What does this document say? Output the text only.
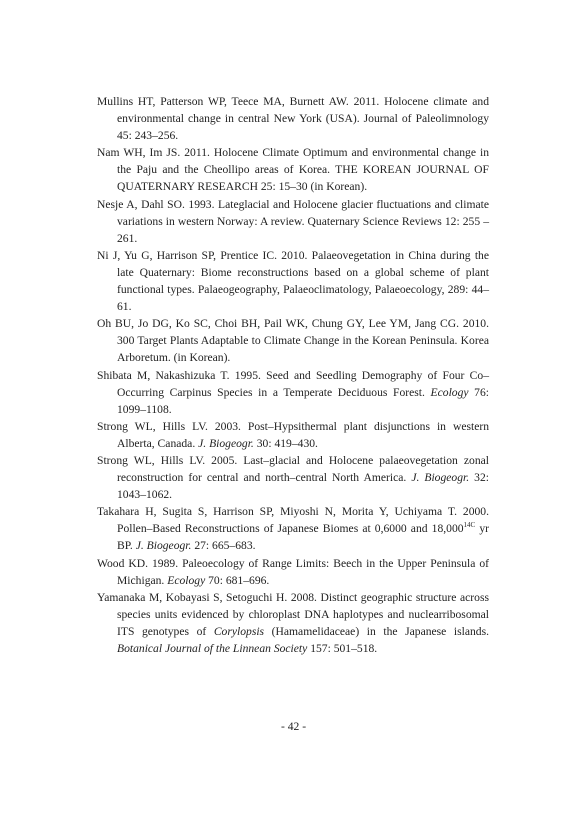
Mullins HT, Patterson WP, Teece MA, Burnett AW. 2011. Holocene climate and environmental change in central New York (USA). Journal of Paleolimnology 45: 243–256.
Nam WH, Im JS. 2011. Holocene Climate Optimum and environmental change in the Paju and the Cheollipo areas of Korea. THE KOREAN JOURNAL OF QUATERNARY RESEARCH 25: 15–30 (in Korean).
Nesje A, Dahl SO. 1993. Lateglacial and Holocene glacier fluctuations and climate variations in western Norway: A review. Quaternary Science Reviews 12: 255 – 261.
Ni J, Yu G, Harrison SP, Prentice IC. 2010. Palaeovegetation in China during the late Quaternary: Biome reconstructions based on a global scheme of plant functional types. Palaeogeography, Palaeoclimatology, Palaeoecology, 289: 44–61.
Oh BU, Jo DG, Ko SC, Choi BH, Pail WK, Chung GY, Lee YM, Jang CG. 2010. 300 Target Plants Adaptable to Climate Change in the Korean Peninsula. Korea Arboretum. (in Korean).
Shibata M, Nakashizuka T. 1995. Seed and Seedling Demography of Four Co–Occurring Carpinus Species in a Temperate Deciduous Forest. Ecology 76: 1099–1108.
Strong WL, Hills LV. 2003. Post–Hypsithermal plant disjunctions in western Alberta, Canada. J. Biogeogr. 30: 419–430.
Strong WL, Hills LV. 2005. Last–glacial and Holocene palaeovegetation zonal reconstruction for central and north–central North America. J. Biogeogr. 32: 1043–1062.
Takahara H, Sugita S, Harrison SP, Miyoshi N, Morita Y, Uchiyama T. 2000. Pollen–Based Reconstructions of Japanese Biomes at 0,6000 and $18,000^{14C}$ yr BP. J. Biogeogr. 27: 665–683.
Wood KD. 1989. Paleoecology of Range Limits: Beech in the Upper Peninsula of Michigan. Ecology 70: 681–696.
Yamanaka M, Kobayasi S, Setoguchi H. 2008. Distinct geographic structure across species units evidenced by chloroplast DNA haplotypes and nuclearribosomal ITS genotypes of Corylopsis (Hamamelidaceae) in the Japanese islands. Botanical Journal of the Linnean Society 157: 501–518.
- 42 -
